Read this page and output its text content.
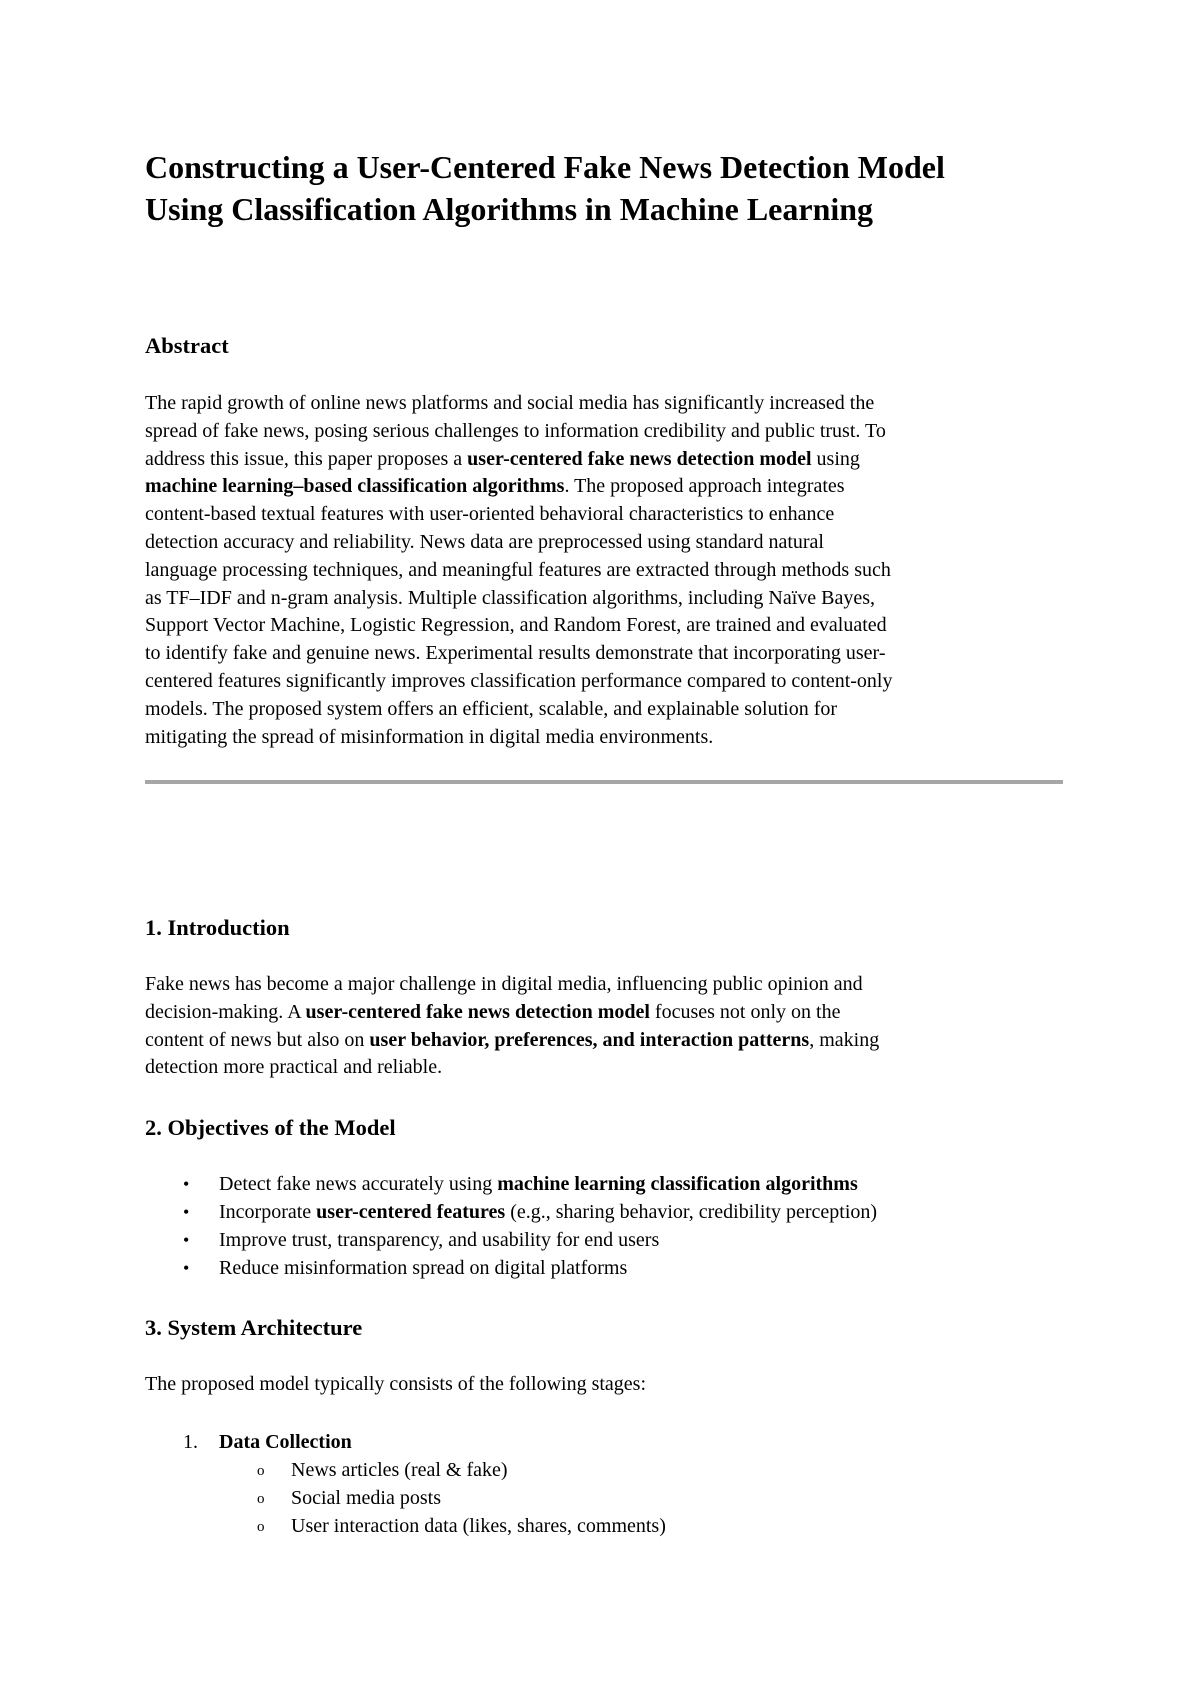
Constructing a User-Centered Fake News Detection Model
Using Classification Algorithms in Machine Learning
Abstract

The rapid growth of online news platforms and social media has significantly increased the
spread of fake news, posing serious challenges to information credibility and public trust. To
address this issue, this paper proposes a user-centered fake news detection model using
machine learning–based classification algorithms. The proposed approach integrates
content-based textual features with user-oriented behavioral characteristics to enhance
detection accuracy and reliability. News data are preprocessed using standard natural
language processing techniques, and meaningful features are extracted through methods such
as TF–IDF and n-gram analysis. Multiple classification algorithms, including Naïve Bayes,
Support Vector Machine, Logistic Regression, and Random Forest, are trained and evaluated
to identify fake and genuine news. Experimental results demonstrate that incorporating user-
centered features significantly improves classification performance compared to content-only
models. The proposed system offers an efficient, scalable, and explainable solution for
mitigating the spread of misinformation in digital media environments.

1. Introduction

Fake news has become a major challenge in digital media, influencing public opinion and
decision-making. A user-centered fake news detection model focuses not only on the
content of news but also on user behavior, preferences, and interaction patterns, making
detection more practical and reliable.

2. Objectives of the Model
• Detect fake news accurately using machine learning classification algorithms
• Incorporate user-centered features (e.g., sharing behavior, credibility perception)
• Improve trust, transparency, and usability for end users
• Reduce misinformation spread on digital platforms
3. System Architecture

The proposed model typically consists of the following stages:

1.	Data Collection
o News articles (real & fake)
o Social media posts
o User interaction data (likes, shares, comments)
